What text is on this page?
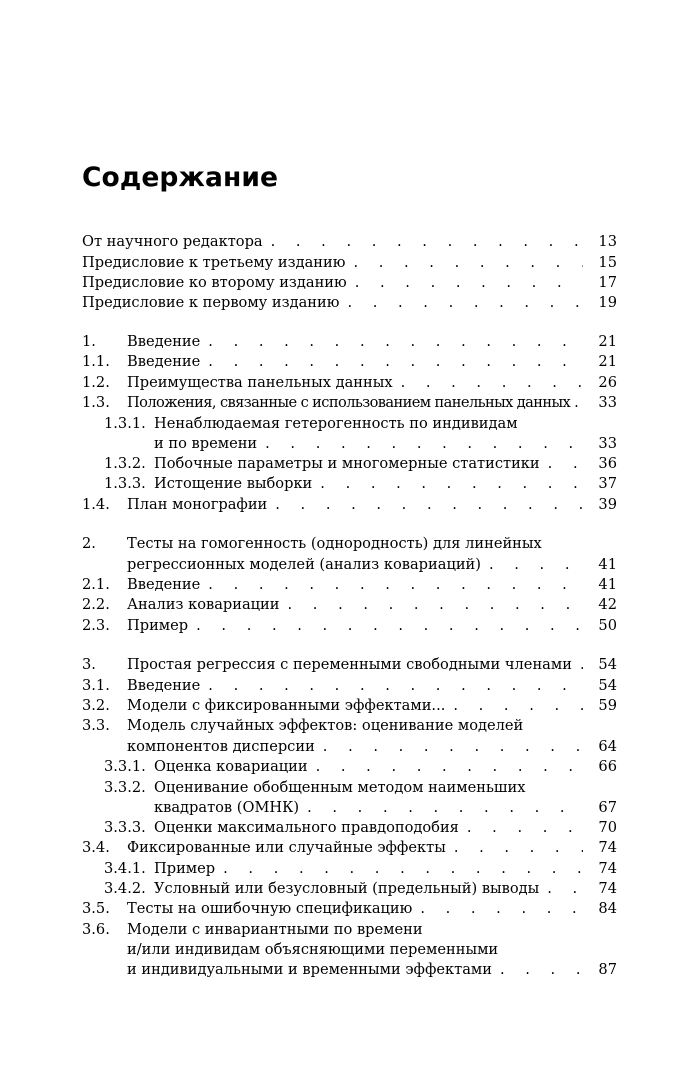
Содержание
От научного редактора . . .	13
Предисловие к третьему изданию . . .	15
Предисловие ко второму изданию . . .	17
Предисловие к первому изданию . . .	19
1.	Введение . . .	21
1.1.	Введение . . .	21
1.2.	Преимущества панельных данных . . .	26
1.3.	Положения, связанные с использованием панельных данных . . .	33
1.3.1. Ненаблюдаемая гетерогенность по индивидам
и по времени . . .	33
1.3.2. Побочные параметры и многомерные статистики . . .	36
1.3.3. Истощение выборки . . .	37
1.4.	План монографии . . .	39
2.	Тесты на гомогенность (однородность) для линейных
регрессионных моделей (анализ ковариаций) . . .	41
2.1.	Введение . . .	41
2.2.	Анализ ковариации . . .	42
2.3.	Пример . . .	50
3.	Простая регрессия с переменными свободными членами . . .	54
3.1.	Введение . . .	54
3.2.	Модели с фиксированными эффектами... . . .	59
3.3.	Модель случайных эффектов: оценивание моделей
компонентов дисперсии . . .	64
3.3.1. Оценка ковариации . . .	66
3.3.2. Оценивание обобщенным методом наименьших
квадратов (ОМНК) . . .	67
3.3.3. Оценки максимального правдоподобия . . .	70
3.4.	Фиксированные или случайные эффекты . . .	74
3.4.1. Пример . . .	74
3.4.2. Условный или безусловный (предельный) выводы . . .	74
3.5.	Тесты на ошибочную спецификацию . . .	84
3.6.	Модели с инвариантными по времени
и/или индивидам объясняющими переменными
и индивидуальными и временными эффектами . . .	87
